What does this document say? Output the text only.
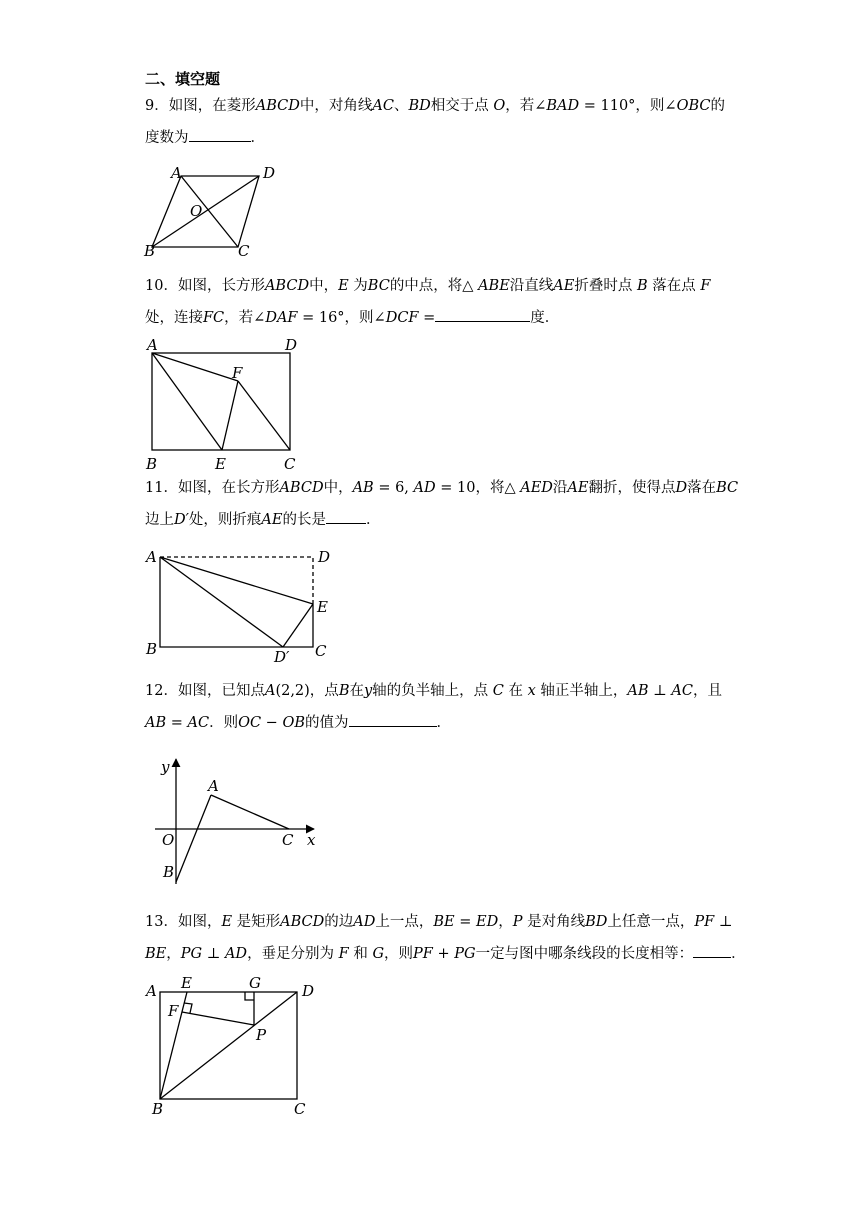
二、填空题
9．如图，在菱形ABCD中，对角线AC、BD相交于点 O，若∠BAD = 110°，则∠OBC的
度数为	．
A	D
O
B	C
10．如图，长方形ABCD中，E 为BC的中点，将△ ABE沿直线AE折叠时点 B 落在点 F
处，连接FC，若∠DAF = 16°，则∠DCF =	度．
A	D
F
B	E	C
11．如图，在长方形ABCD中，AB = 6, AD = 10，将△ AED沿AE翻折，使得点D落在BC
边上D′处，则折痕AE的长是	．
A	D
E
B	D′ C
12．如图，已知点A(2,2)，点B在y轴的负半轴上，点 C 在 x 轴正半轴上，AB ⊥ AC，且
AB = AC．则OC − OB的值为	．
y
A
O	C x
B
13．如图，E 是矩形ABCD的边AD上一点，BE = ED，P 是对角线BD上任意一点，PF ⊥
BE，PG ⊥ AD，垂足分别为 F 和 G，则PF + PG一定与图中哪条线段的长度相等：	．
A E	G	D
F
P
B	C
